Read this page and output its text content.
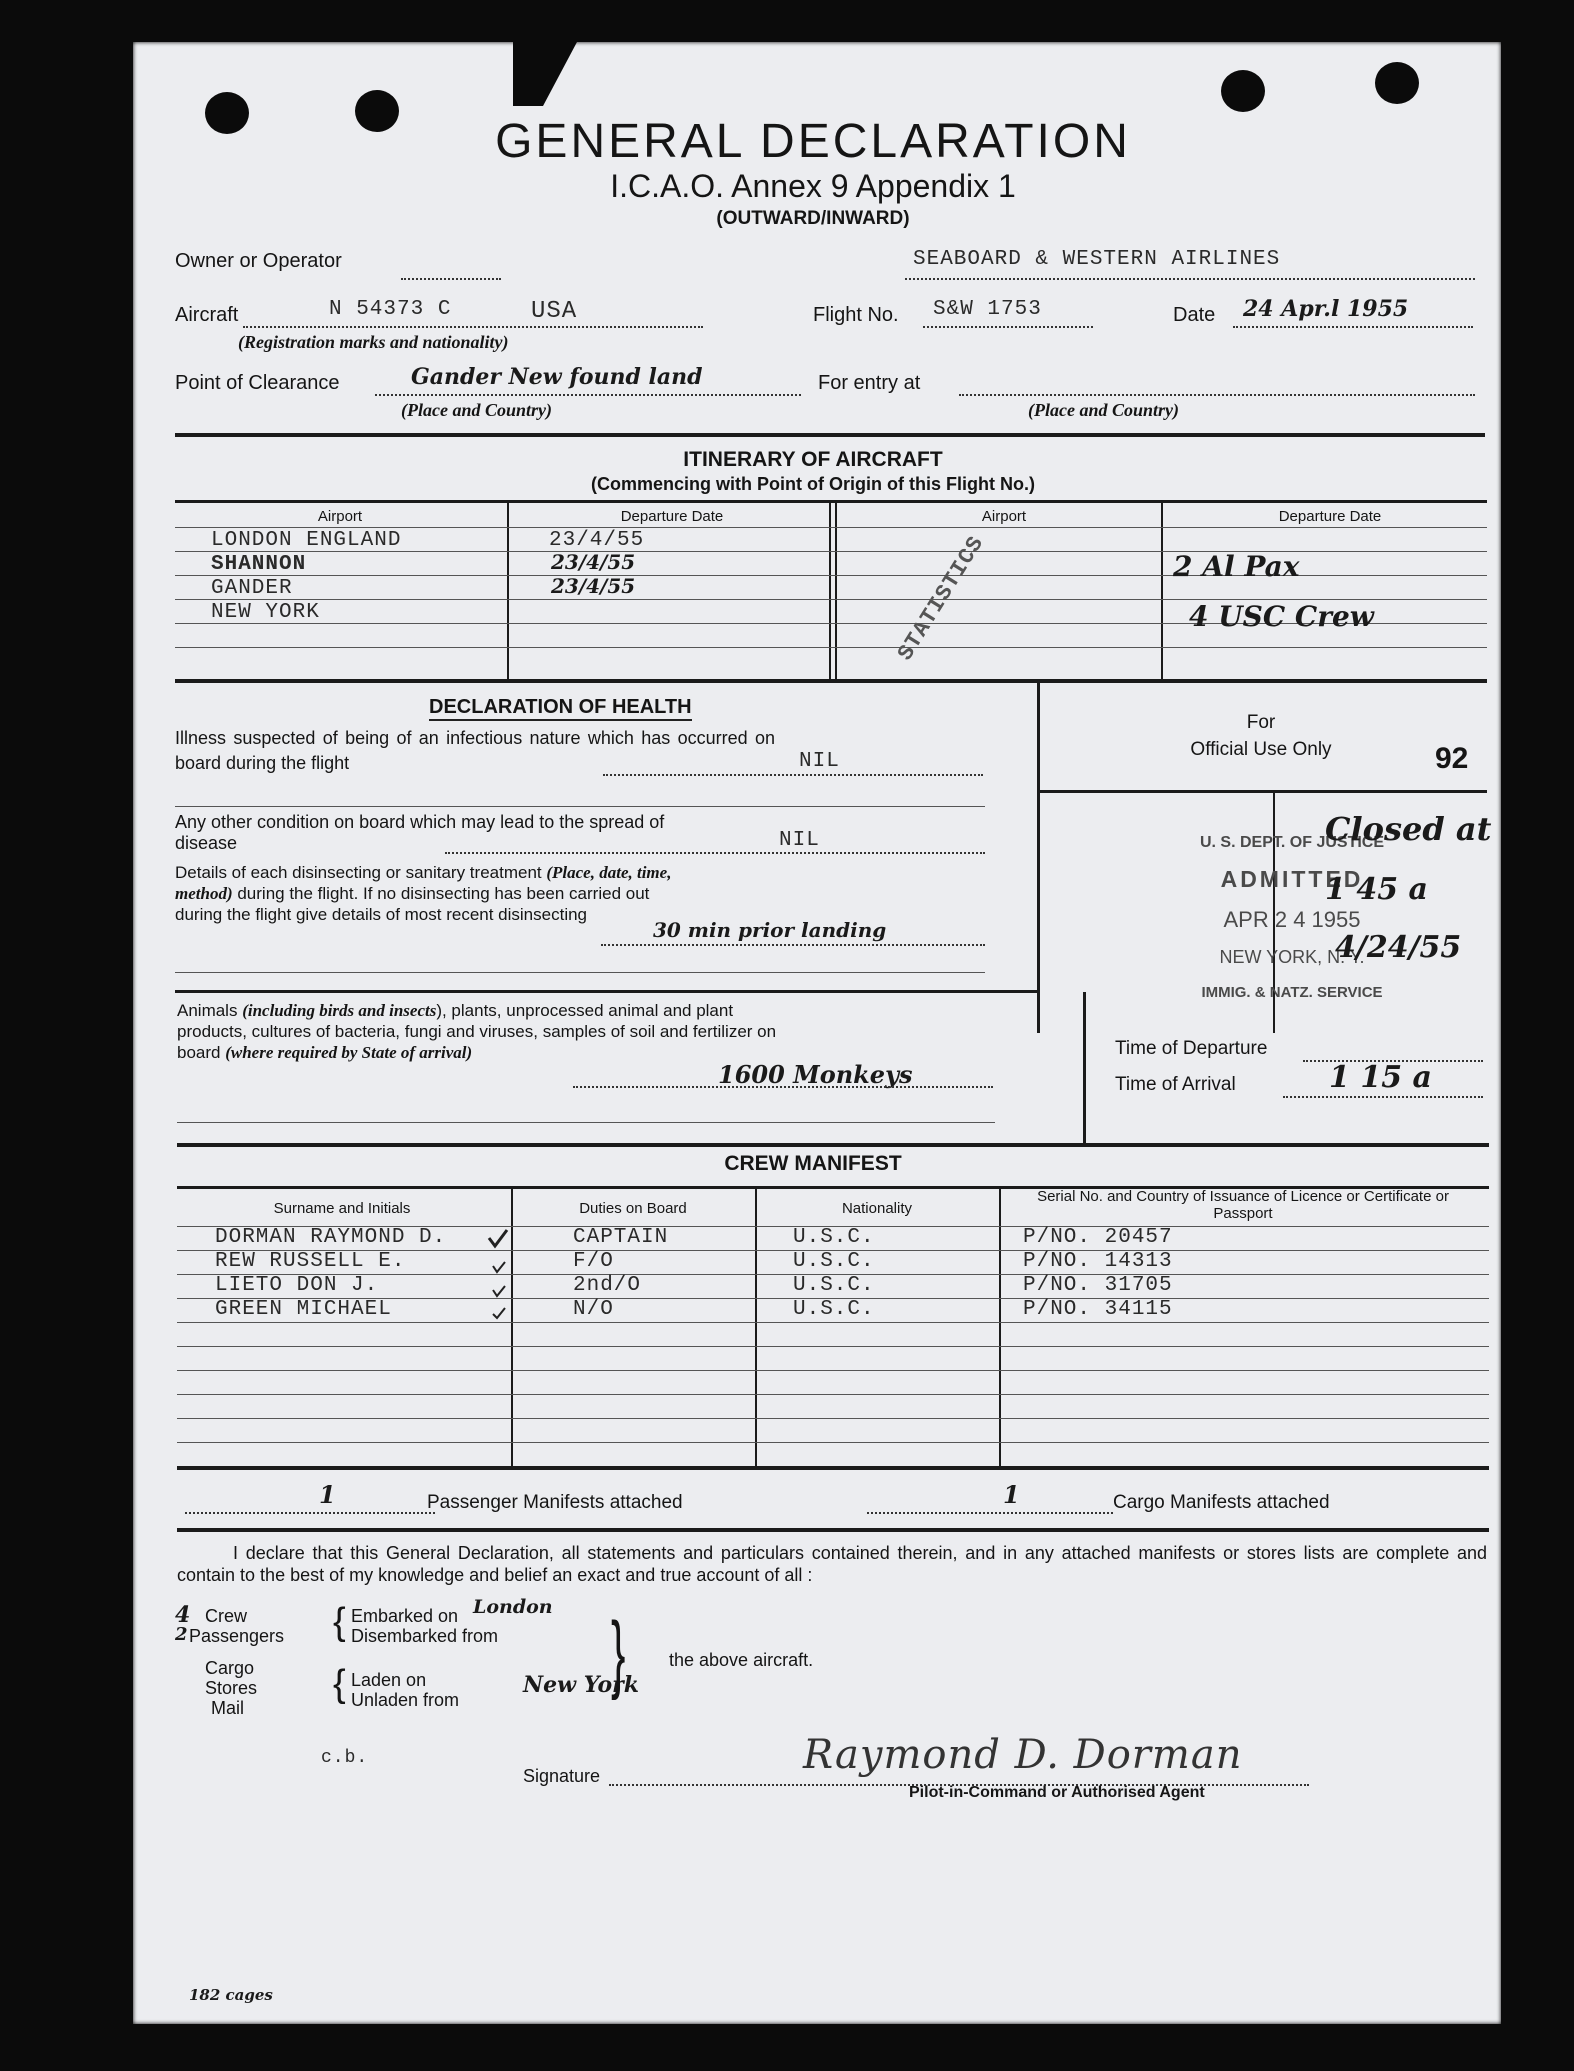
GENERAL DECLARATION
I.C.A.O. Annex 9 Appendix 1
(OUTWARD/INWARD)
Owner or Operator	SEABOARD & WESTERN AIRLINES
Aircraft	N 54373 C	USA
(Registration marks and nationality)
Flight No. S&W 1753	Date 24 Apr.l 1955
Point of Clearance	Gander New found land
(Place and Country)
For entry at
(Place and Country)
ITINERARY OF AIRCRAFT
(Commencing with Point of Origin of this Flight No.)
Airport	Departure Date	Airport	Departure Date
LONDON ENGLAND	23/4/55
SHANNON	23/4/55
GANDER	23/4/55
NEW YORK
2 Al Pax
4 USC Crew
STATISTICS
DECLARATION OF HEALTH
Illness suspected of being of an infectious nature which has occurred on board during the flight	NIL
Any other condition on board which may lead to the spread of disease	NIL
Details of each disinsecting or sanitary treatment (Place, date, time, method) during the flight. If no disinsecting has been carried out during the flight give details of most recent disinsecting
30 min prior landing
For
Official Use Only	92
U. S. DEPT. OF JUSTICE
ADMITTED
APR 2 4 1955
NEW YORK, N. Y.
IMMIG. & NATZ. SERVICE
Closed at
1 45 a
4/24/55
Animals (including birds and insects), plants, unprocessed animal and plant products, cultures of bacteria, fungi and viruses, samples of soil and fertilizer on board (where required by State of arrival)
1600 Monkeys
Time of Departure
Time of Arrival	1 15 a
CREW MANIFEST
Surname and Initials	Duties on Board	Nationality
Serial No. and Country of Issuance of Licence or Certificate or Passport
DORMAN RAYMOND D.	CAPTAIN	U.S.C.	P/NO. 20457
REW RUSSELL E.	F/O	U.S.C.	P/NO. 14313
LIETO DON J.	2nd/O	U.S.C.	P/NO. 31705
GREEN MICHAEL	N/O	U.S.C.	P/NO. 34115
1	Passenger Manifests attached	1	Cargo Manifests attached
I declare that this General Declaration, all statements and particulars contained therein, and in any attached manifests or stores lists are complete and contain to the best of my knowledge and belief an exact and true account of all :
4 Crew
2 Passengers { Embarked on London
Disembarked from
Cargo
Stores
Mail
{ Laden on
Unladen from
New York
} the above aircraft.
c.b.
Signature	Raymond D. Dorman
Pilot-in-Command or Authorised Agent
182 cages
